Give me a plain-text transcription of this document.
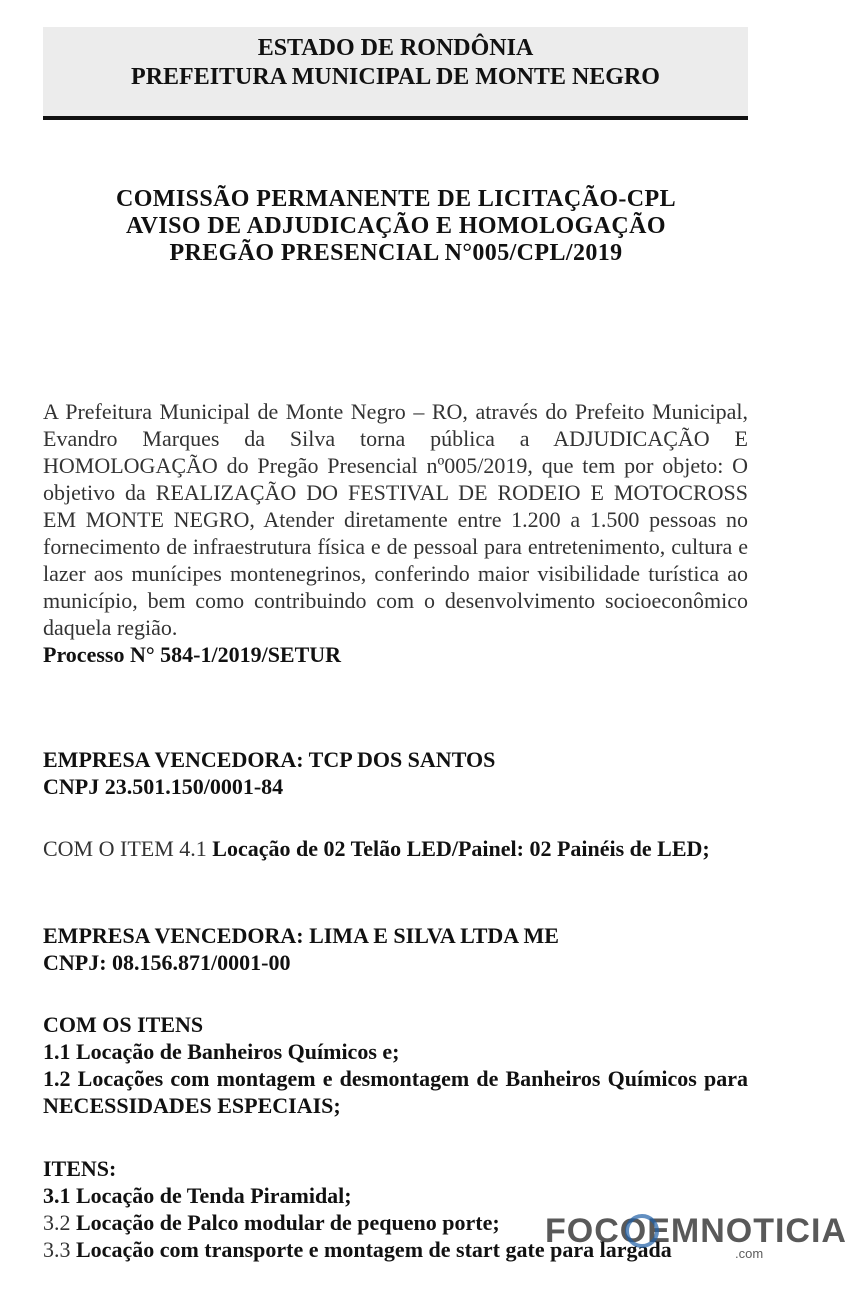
ESTADO DE RONDÔNIA
PREFEITURA MUNICIPAL DE MONTE NEGRO
COMISSÃO PERMANENTE DE LICITAÇÃO-CPL
AVISO DE ADJUDICAÇÃO E HOMOLOGAÇÃO
PREGÃO PRESENCIAL N°005/CPL/2019
A Prefeitura Municipal de Monte Negro – RO, através do Prefeito Municipal, Evandro Marques da Silva torna pública a ADJUDICAÇÃO E HOMOLOGAÇÃO do Pregão Presencial nº005/2019, que tem por objeto: O objetivo da REALIZAÇÃO DO FESTIVAL DE RODEIO E MOTOCROSS EM MONTE NEGRO, Atender diretamente entre 1.200 a 1.500 pessoas no fornecimento de infraestrutura física e de pessoal para entretenimento, cultura e lazer aos munícipes montenegrinos, conferindo maior visibilidade turística ao município, bem como contribuindo com o desenvolvimento socioeconômico daquela região.
Processo N° 584-1/2019/SETUR
EMPRESA VENCEDORA: TCP DOS SANTOS
CNPJ 23.501.150/0001-84
COM O ITEM 4.1 Locação de 02 Telão LED/Painel: 02 Painéis de LED;
EMPRESA VENCEDORA: LIMA E SILVA LTDA ME
CNPJ: 08.156.871/0001-00
COM OS ITENS
1.1 Locação de Banheiros Químicos e;
1.2 Locações com montagem e desmontagem de Banheiros Químicos para NECESSIDADES ESPECIAIS;
ITENS:
3.1 Locação de Tenda Piramidal;
3.2 Locação de Palco modular de pequeno porte;
3.3 Locação com transporte e montagem de start gate para largada
FOCOEMNOTICIA
.com
